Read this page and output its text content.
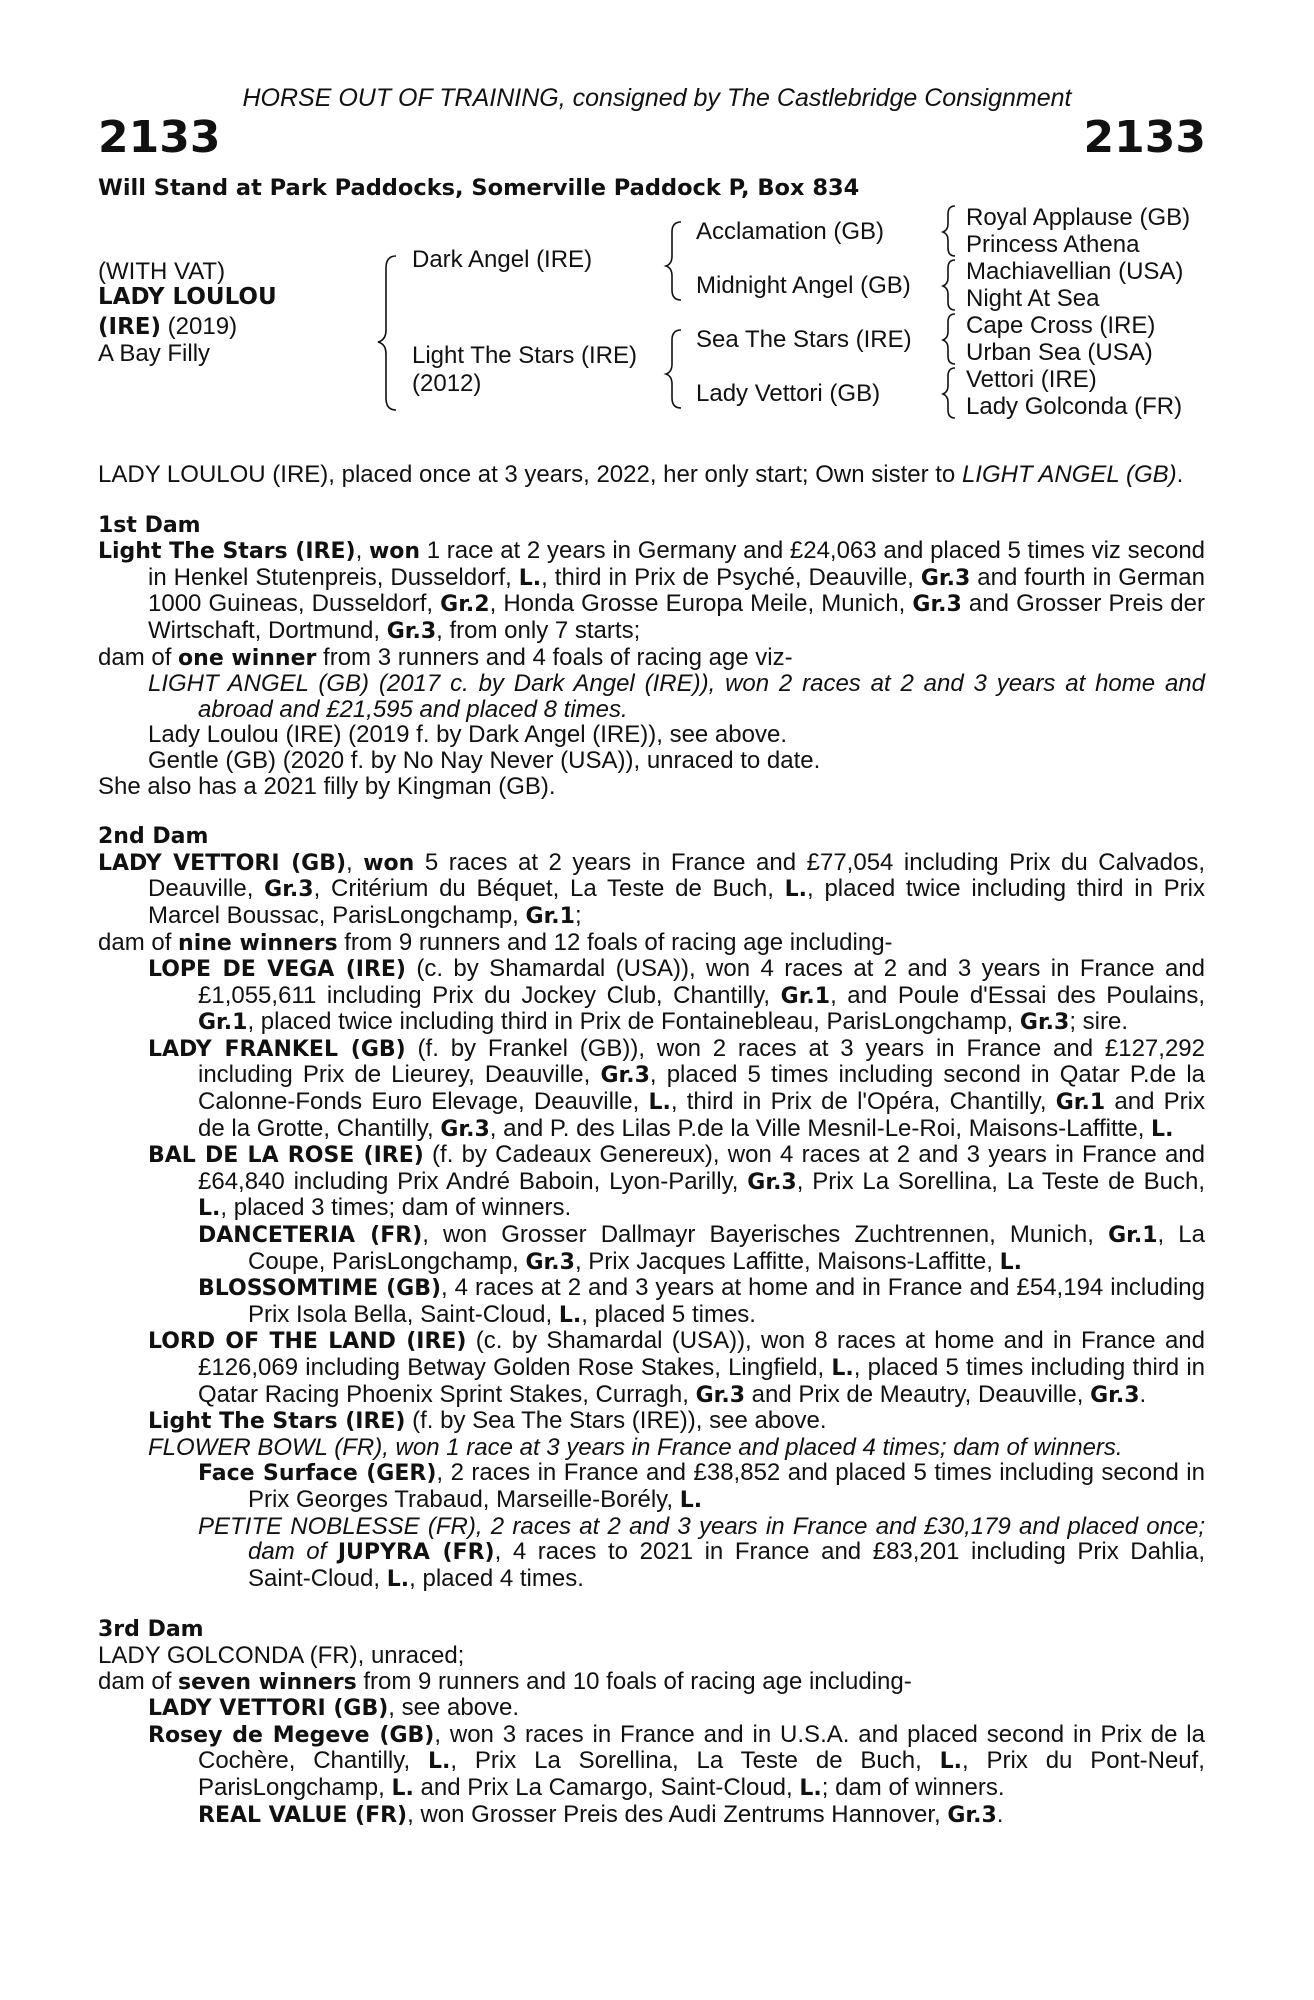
HORSE OUT OF TRAINING, consigned by The Castlebridge Consignment
2133	2133
Will Stand at Park Paddocks, Somerville Paddock P, Box 834
(WITH VAT)
LADY LOULOU
(IRE) (2019)
A Bay Filly
Dark Angel (IRE)
Light The Stars (IRE)
(2012)
Acclamation (GB)
Midnight Angel (GB)
Sea The Stars (IRE)
Lady Vettori (GB)
Royal Applause (GB)
Princess Athena
Machiavellian (USA)
Night At Sea
Cape Cross (IRE)
Urban Sea (USA)
Vettori (IRE)
Lady Golconda (FR)

LADY LOULOU (IRE), placed once at 3 years, 2022, her only start; Own sister to LIGHT ANGEL (GB).

1st Dam

Light The Stars (IRE), won 1 race at 2 years in Germany and £24,063 and placed 5 times viz second in Henkel Stutenpreis, Dusseldorf, L., third in Prix de Psyché, Deauville, Gr.3 and fourth in German 1000 Guineas, Dusseldorf, Gr.2, Honda Grosse Europa Meile, Munich, Gr.3 and Grosser Preis der Wirtschaft, Dortmund, Gr.3, from only 7 starts;

dam of one winner from 3 runners and 4 foals of racing age viz-

LIGHT ANGEL (GB) (2017 c. by Dark Angel (IRE)), won 2 races at 2 and 3 years at home and abroad and £21,595 and placed 8 times.

Lady Loulou (IRE) (2019 f. by Dark Angel (IRE)), see above.

Gentle (GB) (2020 f. by No Nay Never (USA)), unraced to date.

She also has a 2021 filly by Kingman (GB).

2nd Dam

LADY VETTORI (GB), won 5 races at 2 years in France and £77,054 including Prix du Calvados, Deauville, Gr.3, Critérium du Béquet, La Teste de Buch, L., placed twice including third in Prix Marcel Boussac, ParisLongchamp, Gr.1;

dam of nine winners from 9 runners and 12 foals of racing age including-

LOPE DE VEGA (IRE) (c. by Shamardal (USA)), won 4 races at 2 and 3 years in France and £1,055,611 including Prix du Jockey Club, Chantilly, Gr.1, and Poule d'Essai des Poulains, Gr.1, placed twice including third in Prix de Fontainebleau, ParisLongchamp, Gr.3; sire.

LADY FRANKEL (GB) (f. by Frankel (GB)), won 2 races at 3 years in France and £127,292 including Prix de Lieurey, Deauville, Gr.3, placed 5 times including second in Qatar P.de la Calonne-Fonds Euro Elevage, Deauville, L., third in Prix de l'Opéra, Chantilly, Gr.1 and Prix de la Grotte, Chantilly, Gr.3, and P. des Lilas P.de la Ville Mesnil-Le-Roi, Maisons-Laffitte, L.

BAL DE LA ROSE (IRE) (f. by Cadeaux Genereux), won 4 races at 2 and 3 years in France and £64,840 including Prix André Baboin, Lyon-Parilly, Gr.3, Prix La Sorellina, La Teste de Buch, L., placed 3 times; dam of winners.

DANCETERIA (FR), won Grosser Dallmayr Bayerisches Zuchtrennen, Munich, Gr.1, La Coupe, ParisLongchamp, Gr.3, Prix Jacques Laffitte, Maisons-Laffitte, L.

BLOSSOMTIME (GB), 4 races at 2 and 3 years at home and in France and £54,194 including Prix Isola Bella, Saint-Cloud, L., placed 5 times.

LORD OF THE LAND (IRE) (c. by Shamardal (USA)), won 8 races at home and in France and £126,069 including Betway Golden Rose Stakes, Lingfield, L., placed 5 times including third in Qatar Racing Phoenix Sprint Stakes, Curragh, Gr.3 and Prix de Meautry, Deauville, Gr.3.

Light The Stars (IRE) (f. by Sea The Stars (IRE)), see above.

FLOWER BOWL (FR), won 1 race at 3 years in France and placed 4 times; dam of winners.

Face Surface (GER), 2 races in France and £38,852 and placed 5 times including second in Prix Georges Trabaud, Marseille-Borély, L.

PETITE NOBLESSE (FR), 2 races at 2 and 3 years in France and £30,179 and placed once; dam of JUPYRA (FR), 4 races to 2021 in France and £83,201 including Prix Dahlia, Saint-Cloud, L., placed 4 times.

3rd Dam

LADY GOLCONDA (FR), unraced;

dam of seven winners from 9 runners and 10 foals of racing age including-

LADY VETTORI (GB), see above.

Rosey de Megeve (GB), won 3 races in France and in U.S.A. and placed second in Prix de la Cochère, Chantilly, L., Prix La Sorellina, La Teste de Buch, L., Prix du Pont-Neuf, ParisLongchamp, L. and Prix La Camargo, Saint-Cloud, L.; dam of winners.

REAL VALUE (FR), won Grosser Preis des Audi Zentrums Hannover, Gr.3.
